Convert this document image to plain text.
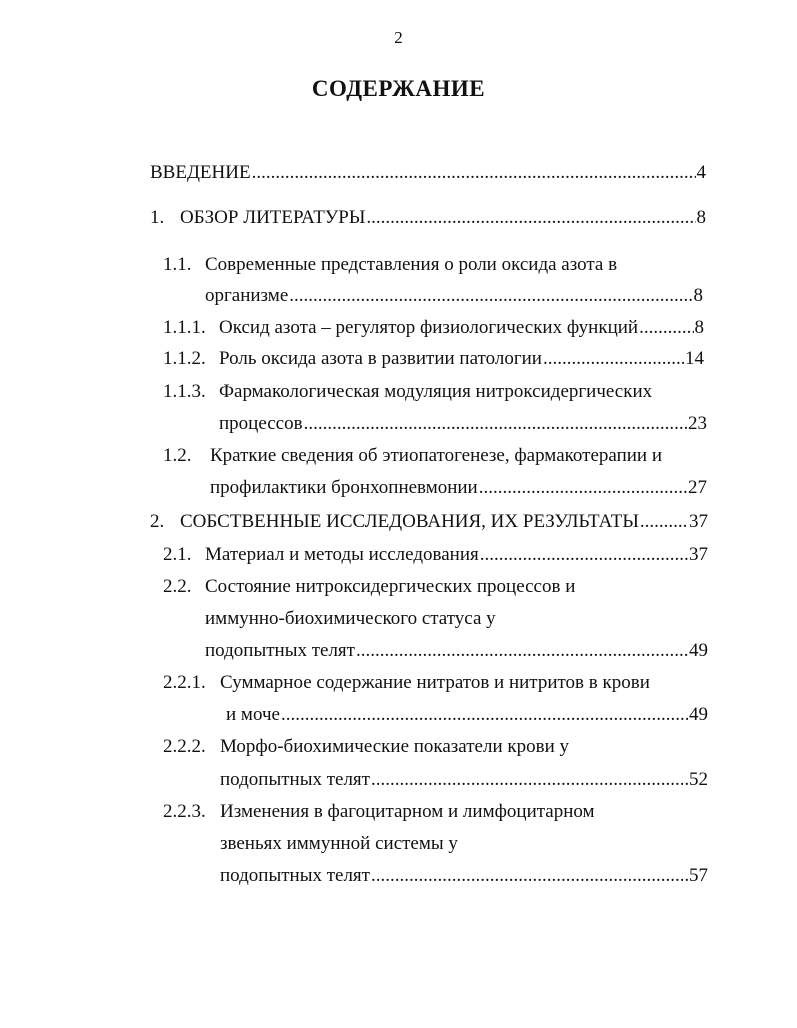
2
СОДЕРЖАНИЕ
ВВЕДЕНИЕ .....	4
1. ОБЗОР ЛИТЕРАТУРЫ .....	8
1.1. Современные представления о роли оксида азота в
организме .....	8
1.1.1. Оксид азота – регулятор физиологических функций .....	8
1.1.2. Роль оксида азота в развитии патологии .....	14
1.1.3. Фармакологическая модуляция нитроксидергических
процессов .....	23
1.2. Краткие сведения об этиопатогенезе, фармакотерапии и
профилактики бронхопневмонии .....	27
2. СОБСТВЕННЫЕ ИССЛЕДОВАНИЯ, ИХ РЕЗУЛЬТАТЫ .....	37
2.1. Материал и методы исследования .....	37
2.2. Состояние нитроксидергических процессов и
иммунно-биохимического статуса у
подопытных телят .....	49
2.2.1. Суммарное содержание нитратов и нитритов в крови
и моче .....	49
2.2.2. Морфо-биохимические показатели крови у
подопытных телят .....	52
2.2.3. Изменения в фагоцитарном и лимфоцитарном
звеньях иммунной системы у
подопытных телят .....	57
